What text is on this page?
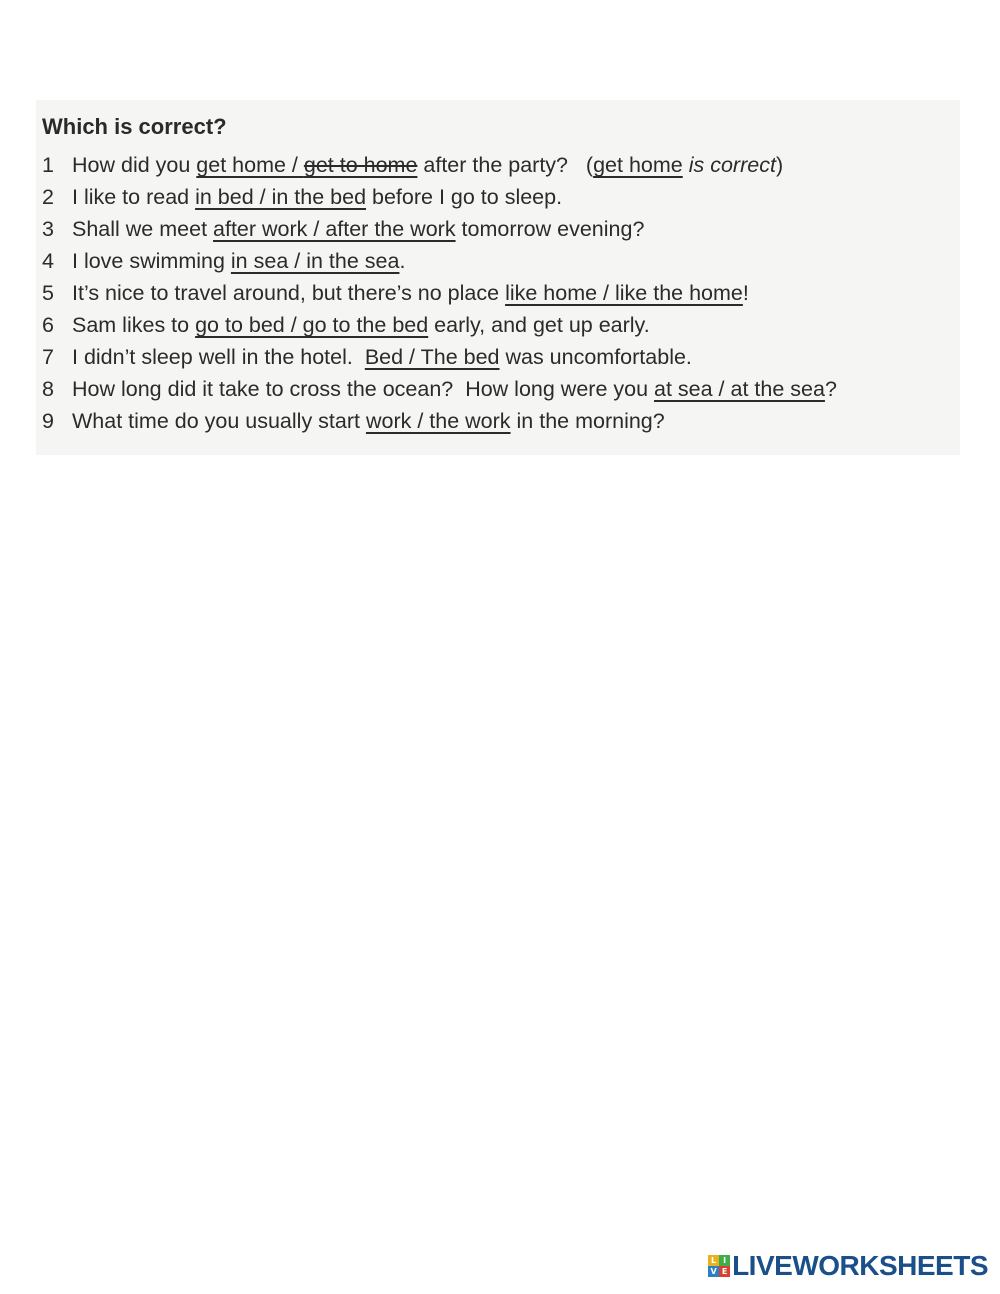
Which is correct?
1 How did you get home / get to home after the party?   (get home is correct)
2 I like to read in bed / in the bed before I go to sleep.
3 Shall we meet after work / after the work tomorrow evening?
4 I love swimming in sea / in the sea.
5 It’s nice to travel around, but there’s no place like home / like the home!
6 Sam likes to go to bed / go to the bed early, and get up early.
7 I didn’t sleep well in the hotel.  Bed / The bed was uncomfortable.
8 How long did it take to cross the ocean?  How long were you at sea / at the sea?
9 What time do you usually start work / the work in the morning?
L I
V E LIVEWORKSHEETS
